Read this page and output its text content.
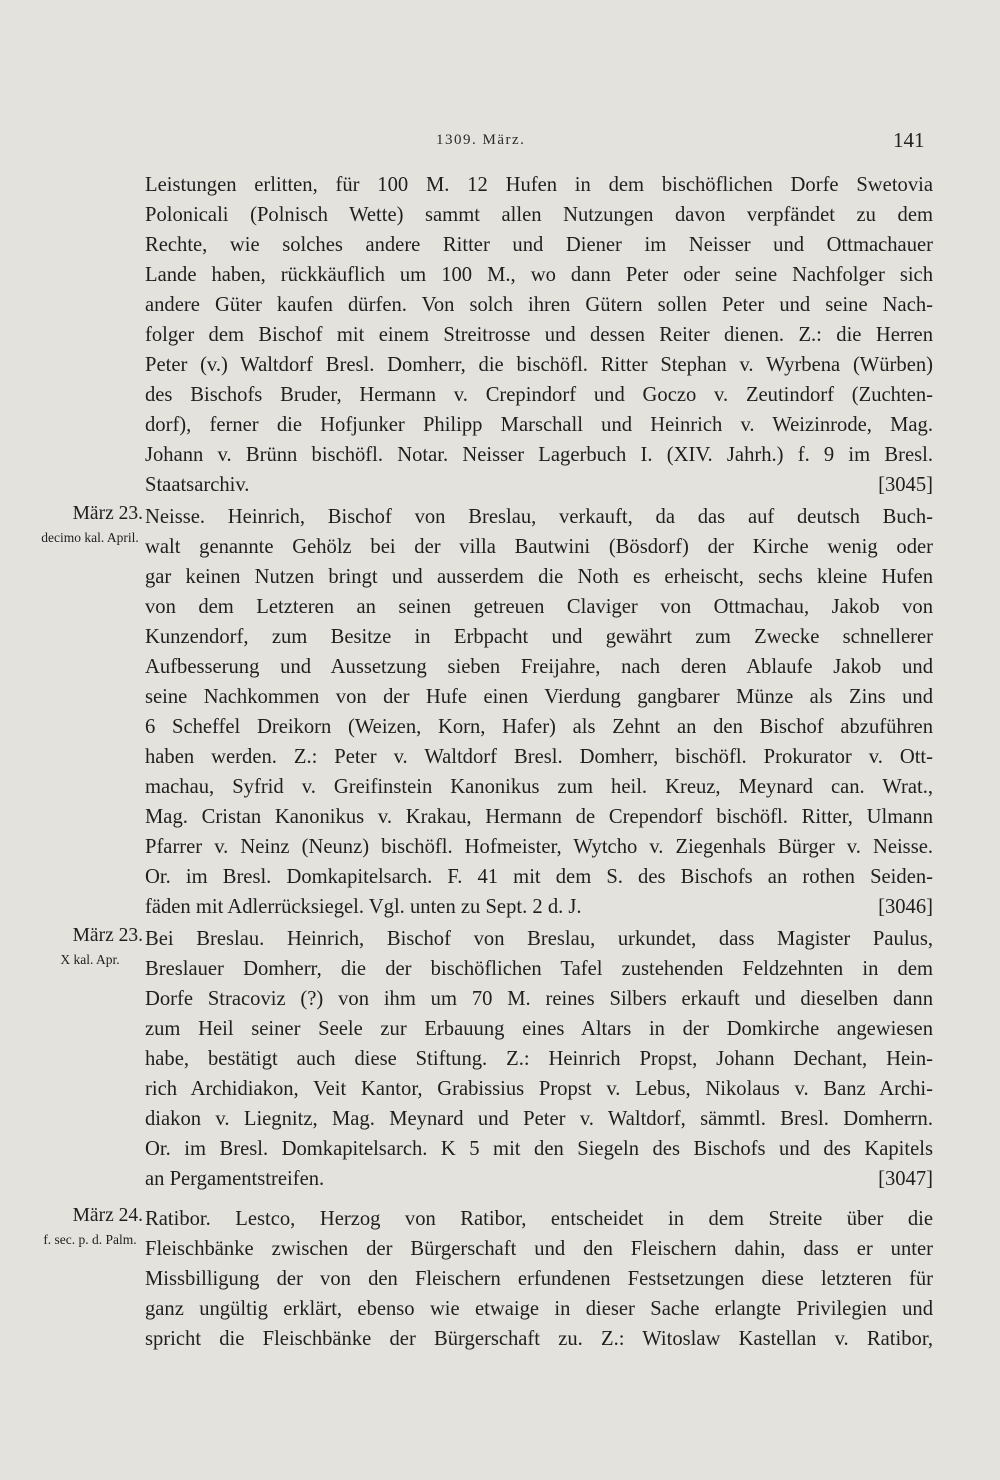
1309. März.	141
Leistungen erlitten, für 100 M. 12 Hufen in dem bischöflichen Dorfe Swetovia
Polonicali (Polnisch Wette) sammt allen Nutzungen davon verpfändet zu dem
Rechte, wie solches andere Ritter und Diener im Neisser und Ottmachauer
Lande haben, rückkäuflich um 100 M., wo dann Peter oder seine Nachfolger sich
andere Güter kaufen dürfen. Von solch ihren Gütern sollen Peter und seine Nach-
folger dem Bischof mit einem Streitrosse und dessen Reiter dienen. Z.: die Herren
Peter (v.) Waltdorf Bresl. Domherr, die bischöfl. Ritter Stephan v. Wyrbena (Würben)
des Bischofs Bruder, Hermann v. Crepindorf und Goczo v. Zeutindorf (Zuchten-
dorf), ferner die Hofjunker Philipp Marschall und Heinrich v. Weizinrode, Mag.
Johann v. Brünn bischöfl. Notar. Neisser Lagerbuch I. (XIV. Jahrh.) f. 9 im Bresl.
Staatsarchiv.	[3045]
März 23.
decimo kal. April.
Neisse. Heinrich, Bischof von Breslau, verkauft, da das auf deutsch Buch-
walt genannte Gehölz bei der villa Bautwini (Bösdorf) der Kirche wenig oder
gar keinen Nutzen bringt und ausserdem die Noth es erheischt, sechs kleine Hufen
von dem Letzteren an seinen getreuen Claviger von Ottmachau, Jakob von
Kunzendorf, zum Besitze in Erbpacht und gewährt zum Zwecke schnellerer
Aufbesserung und Aussetzung sieben Freijahre, nach deren Ablaufe Jakob und
seine Nachkommen von der Hufe einen Vierdung gangbarer Münze als Zins und
6 Scheffel Dreikorn (Weizen, Korn, Hafer) als Zehnt an den Bischof abzuführen
haben werden. Z.: Peter v. Waltdorf Bresl. Domherr, bischöfl. Prokurator v. Ott-
machau, Syfrid v. Greifinstein Kanonikus zum heil. Kreuz, Meynard can. Wrat.,
Mag. Cristan Kanonikus v. Krakau, Hermann de Crependorf bischöfl. Ritter, Ulmann
Pfarrer v. Neinz (Neunz) bischöfl. Hofmeister, Wytcho v. Ziegenhals Bürger v. Neisse.
Or. im Bresl. Domkapitelsarch. F. 41 mit dem S. des Bischofs an rothen Seiden-
fäden mit Adlerrücksiegel. Vgl. unten zu Sept. 2 d. J.	[3046]
März 23.
X kal. Apr.
Bei Breslau. Heinrich, Bischof von Breslau, urkundet, dass Magister Paulus,
Breslauer Domherr, die der bischöflichen Tafel zustehenden Feldzehnten in dem
Dorfe Stracoviz (?) von ihm um 70 M. reines Silbers erkauft und dieselben dann
zum Heil seiner Seele zur Erbauung eines Altars in der Domkirche angewiesen
habe, bestätigt auch diese Stiftung. Z.: Heinrich Propst, Johann Dechant, Hein-
rich Archidiakon, Veit Kantor, Grabissius Propst v. Lebus, Nikolaus v. Banz Archi-
diakon v. Liegnitz, Mag. Meynard und Peter v. Waltdorf, sämmtl. Bresl. Domherrn.
Or. im Bresl. Domkapitelsarch. K 5 mit den Siegeln des Bischofs und des Kapitels
an Pergamentstreifen.	[3047]
März 24.
f. sec. p. d. Palm.
Ratibor. Lestco, Herzog von Ratibor, entscheidet in dem Streite über die
Fleischbänke zwischen der Bürgerschaft und den Fleischern dahin, dass er unter
Missbilligung der von den Fleischern erfundenen Festsetzungen diese letzteren für
ganz ungültig erklärt, ebenso wie etwaige in dieser Sache erlangte Privilegien und
spricht die Fleischbänke der Bürgerschaft zu. Z.: Witoslaw Kastellan v. Ratibor,
